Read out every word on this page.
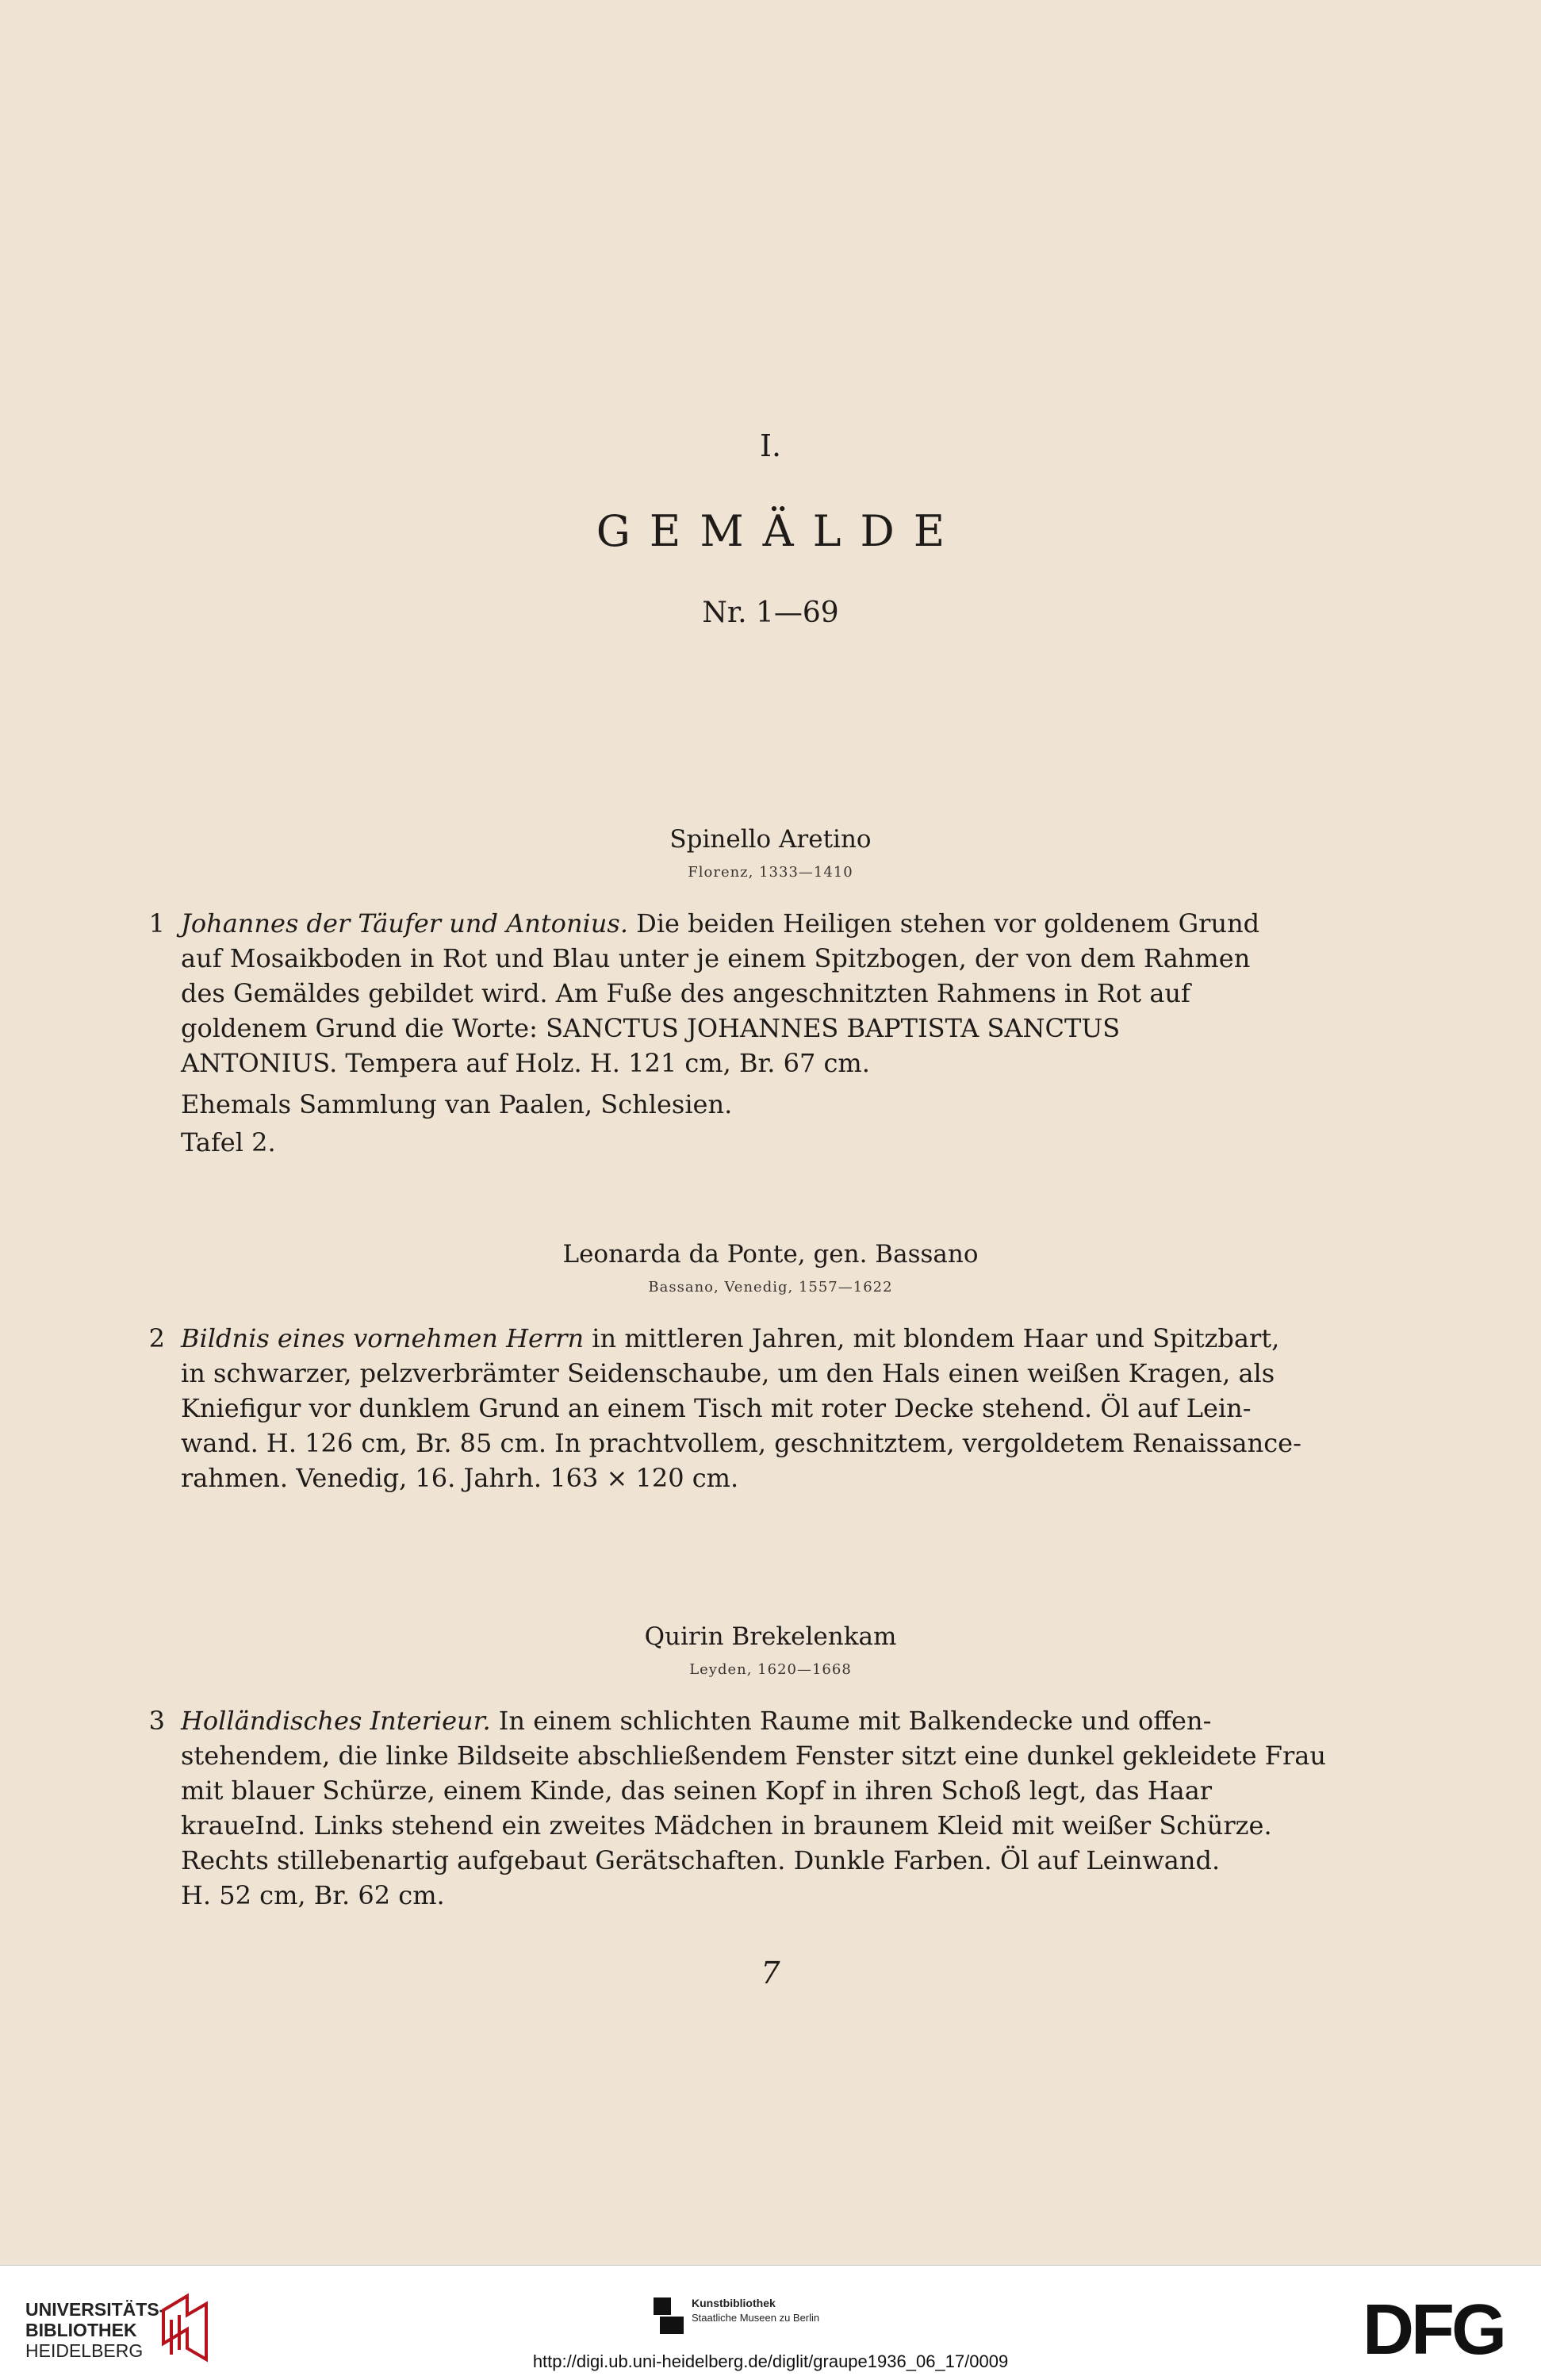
I.
GEMÄLDE
Nr. 1—69
Spinello Aretino
Florenz, 1333—1410
1 Johannes der Täufer und Antonius. Die beiden Heiligen stehen vor goldenem Grund
auf Mosaikboden in Rot und Blau unter je einem Spitzbogen, der von dem Rahmen
des Gemäldes gebildet wird. Am Fuße des angeschnitzten Rahmens in Rot auf
goldenem Grund die Worte: SANCTUS JOHANNES BAPTISTA SANCTUS
ANTONIUS. Tempera auf Holz. H. 121 cm, Br. 67 cm.
Ehemals Sammlung van Paalen, Schlesien.
Tafel 2.
Leonarda da Ponte, gen. Bassano
Bassano, Venedig, 1557—1622
2 Bildnis eines vornehmen Herrn in mittleren Jahren, mit blondem Haar und Spitzbart,
in schwarzer, pelzverbrämter Seidenschaube, um den Hals einen weißen Kragen, als
Kniefigur vor dunklem Grund an einem Tisch mit roter Decke stehend. Öl auf Lein-
wand. H. 126 cm, Br. 85 cm. In prachtvollem, geschnitztem, vergoldetem Renaissance-
rahmen. Venedig, 16. Jahrh. 163 × 120 cm.
Quirin Brekelenkam
Leyden, 1620—1668
3 Holländisches Interieur. In einem schlichten Raume mit Balkendecke und offen-
stehendem, die linke Bildseite abschließendem Fenster sitzt eine dunkel gekleidete Frau
mit blauer Schürze, einem Kinde, das seinen Kopf in ihren Schoß legt, das Haar
kraueInd. Links stehend ein zweites Mädchen in braunem Kleid mit weißer Schürze.
Rechts stillebenartig aufgebaut Gerätschaften. Dunkle Farben. Öl auf Leinwand.
H. 52 cm, Br. 62 cm.
7
UNIVERSITÄTS-
BIBLIOTHEK
HEIDELBERG
Kunstbibliothek
Staatliche Museen zu Berlin	DFG
http://digi.ub.uni-heidelberg.de/diglit/graupe1936_06_17/0009
